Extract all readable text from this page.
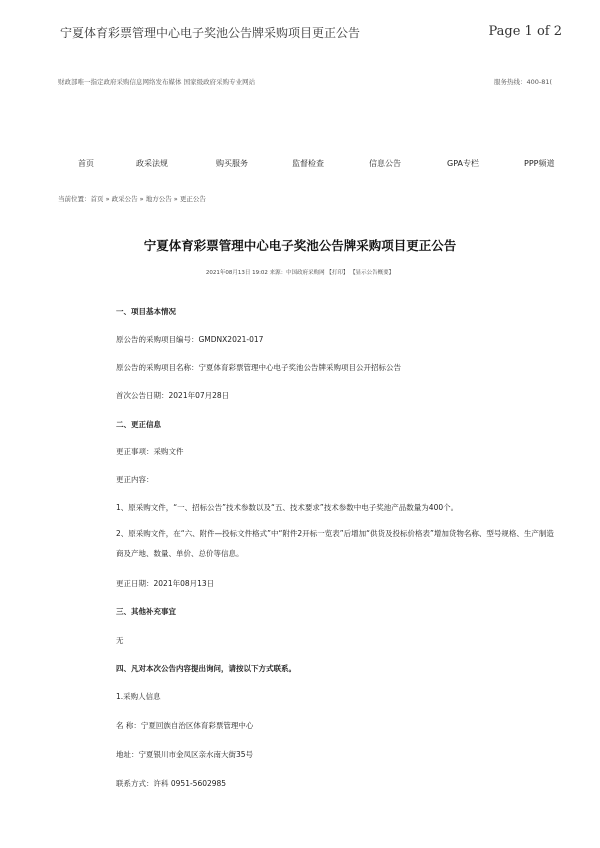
宁夏体育彩票管理中心电子奖池公告牌采购项目更正公告	Page 1 of 2
财政部唯一指定政府采购信息网络发布媒体 国家级政府采购专业网站	服务热线：400-81(
首页	政采法规	购买服务	监督检查	信息公告	GPA专栏	PPP频道
当前位置：首页 » 政采公告 » 地方公告 » 更正公告
宁夏体育彩票管理中心电子奖池公告牌采购项目更正公告
2021年08月13日 19:02 来源：中国政府采购网 【打印】 【显示公告概要】
一、项目基本情况
原公告的采购项目编号：GMDNX2021-017
原公告的采购项目名称：宁夏体育彩票管理中心电子奖池公告牌采购项目公开招标公告
首次公告日期：2021年07月28日
二、更正信息
更正事项：采购文件
更正内容：
1、原采购文件，“一、招标公告”技术参数以及“五、技术要求”技术参数中电子奖池产品数量为400个。
2、原采购文件，在“六、附件—投标文件格式”中“附件2开标一览表”后增加“供货及投标价格表”增加货物名称、型号规格、生产制造商及产地、数量、单价、总价等信息。
更正日期：2021年08月13日
三、其他补充事宜
无
四、凡对本次公告内容提出询问，请按以下方式联系。
1.采购人信息
名 称：宁夏回族自治区体育彩票管理中心
地址：宁夏银川市金凤区亲水南大街35号
联系方式：许科 0951-5602985
